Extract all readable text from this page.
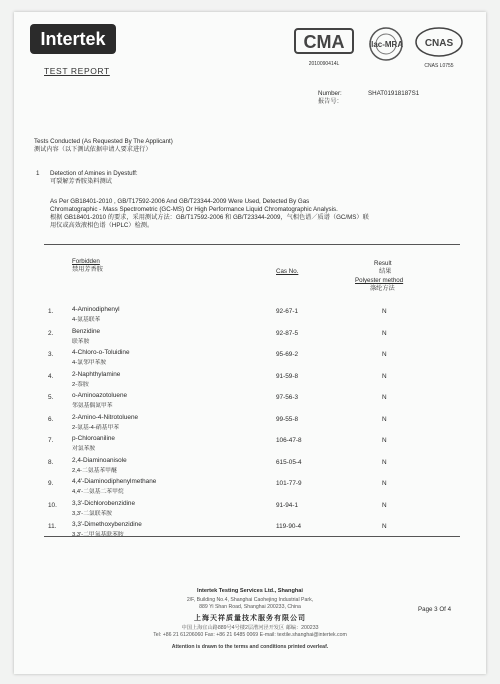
Intertek
TEST REPORT
CMA
2010090414L
ilac-MRA CNAS
CNAS L0755
Number:
报告号：
SHAT01918187S1
Tests Conducted (As Requested By The Applicant)
测试内容（以下测试依据申请人要求进行）
1 Detection of Amines in Dyestuff:
可裂解芳香胺染料测试
As Per GB18401-2010 , GB/T17592-2006 And GB/T23344-2009 Were Used, Detected By Gas
Chromatographic - Mass Spectrometric (GC-MS) Or High Performance Liquid Chromatographic Analysis.
根据 GB18401-2010 的要求，采用测试方法：GB/T17592-2006 和 GB/T23344-2009，气相色谱／质谱（GC/MS）联
用仪或高效液相色谱（HPLC）检测。
Forbidden
禁用芳香胺	Cas No.
Result
结果
Polyester method
涤纶方法
1.	4-Aminodiphenyl
4-氨基联苯
92-67-1	N
2.	Benzidine
联苯胺
92-87-5	N
3.	4-Chloro-o-Toluidine
4-氯邻甲苯胺
95-69-2	N
4.	2-Naphthylamine
2-萘胺
91-59-8	N
5.	o-Aminoazotoluene
邻氨基偶氮甲苯
97-56-3	N
6.	2-Amino-4-Nitrotoluene
2-氨基-4-硝基甲苯
99-55-8	N
7.	p-Chloroaniline
对氯苯胺
106-47-8	N
8.	2,4-Diaminoanisole
2,4-二氨基苯甲醚
615-05-4	N
9.	4,4'-Diaminodiphenylmethane
4,4'-二氨基二苯甲烷
101-77-9	N
10. 3,3'-Dichlorobenzidine
3,3'-二氯联苯胺
91-94-1	N
11. 3,3'-Dimethoxybenzidine
3,3'-二甲氧基联苯胺
119-90-4	N
Intertek Testing Services Ltd., Shanghai
2/F, Building No.4, Shanghai Caohejing Industrial Park,
889 Yi Shan Road, Shanghai 200233, China
上海天祥质量技术服务有限公司
中国上海宜山路889号4号楼2层漕河泾开发区 邮编：200233
Tel: +86 21 61206060 Fax: +86 21 6485 0069 E-mail: textile.shanghai@intertek.com
Attention is drawn to the terms and conditions printed overleaf.
Page 3 Of 4
